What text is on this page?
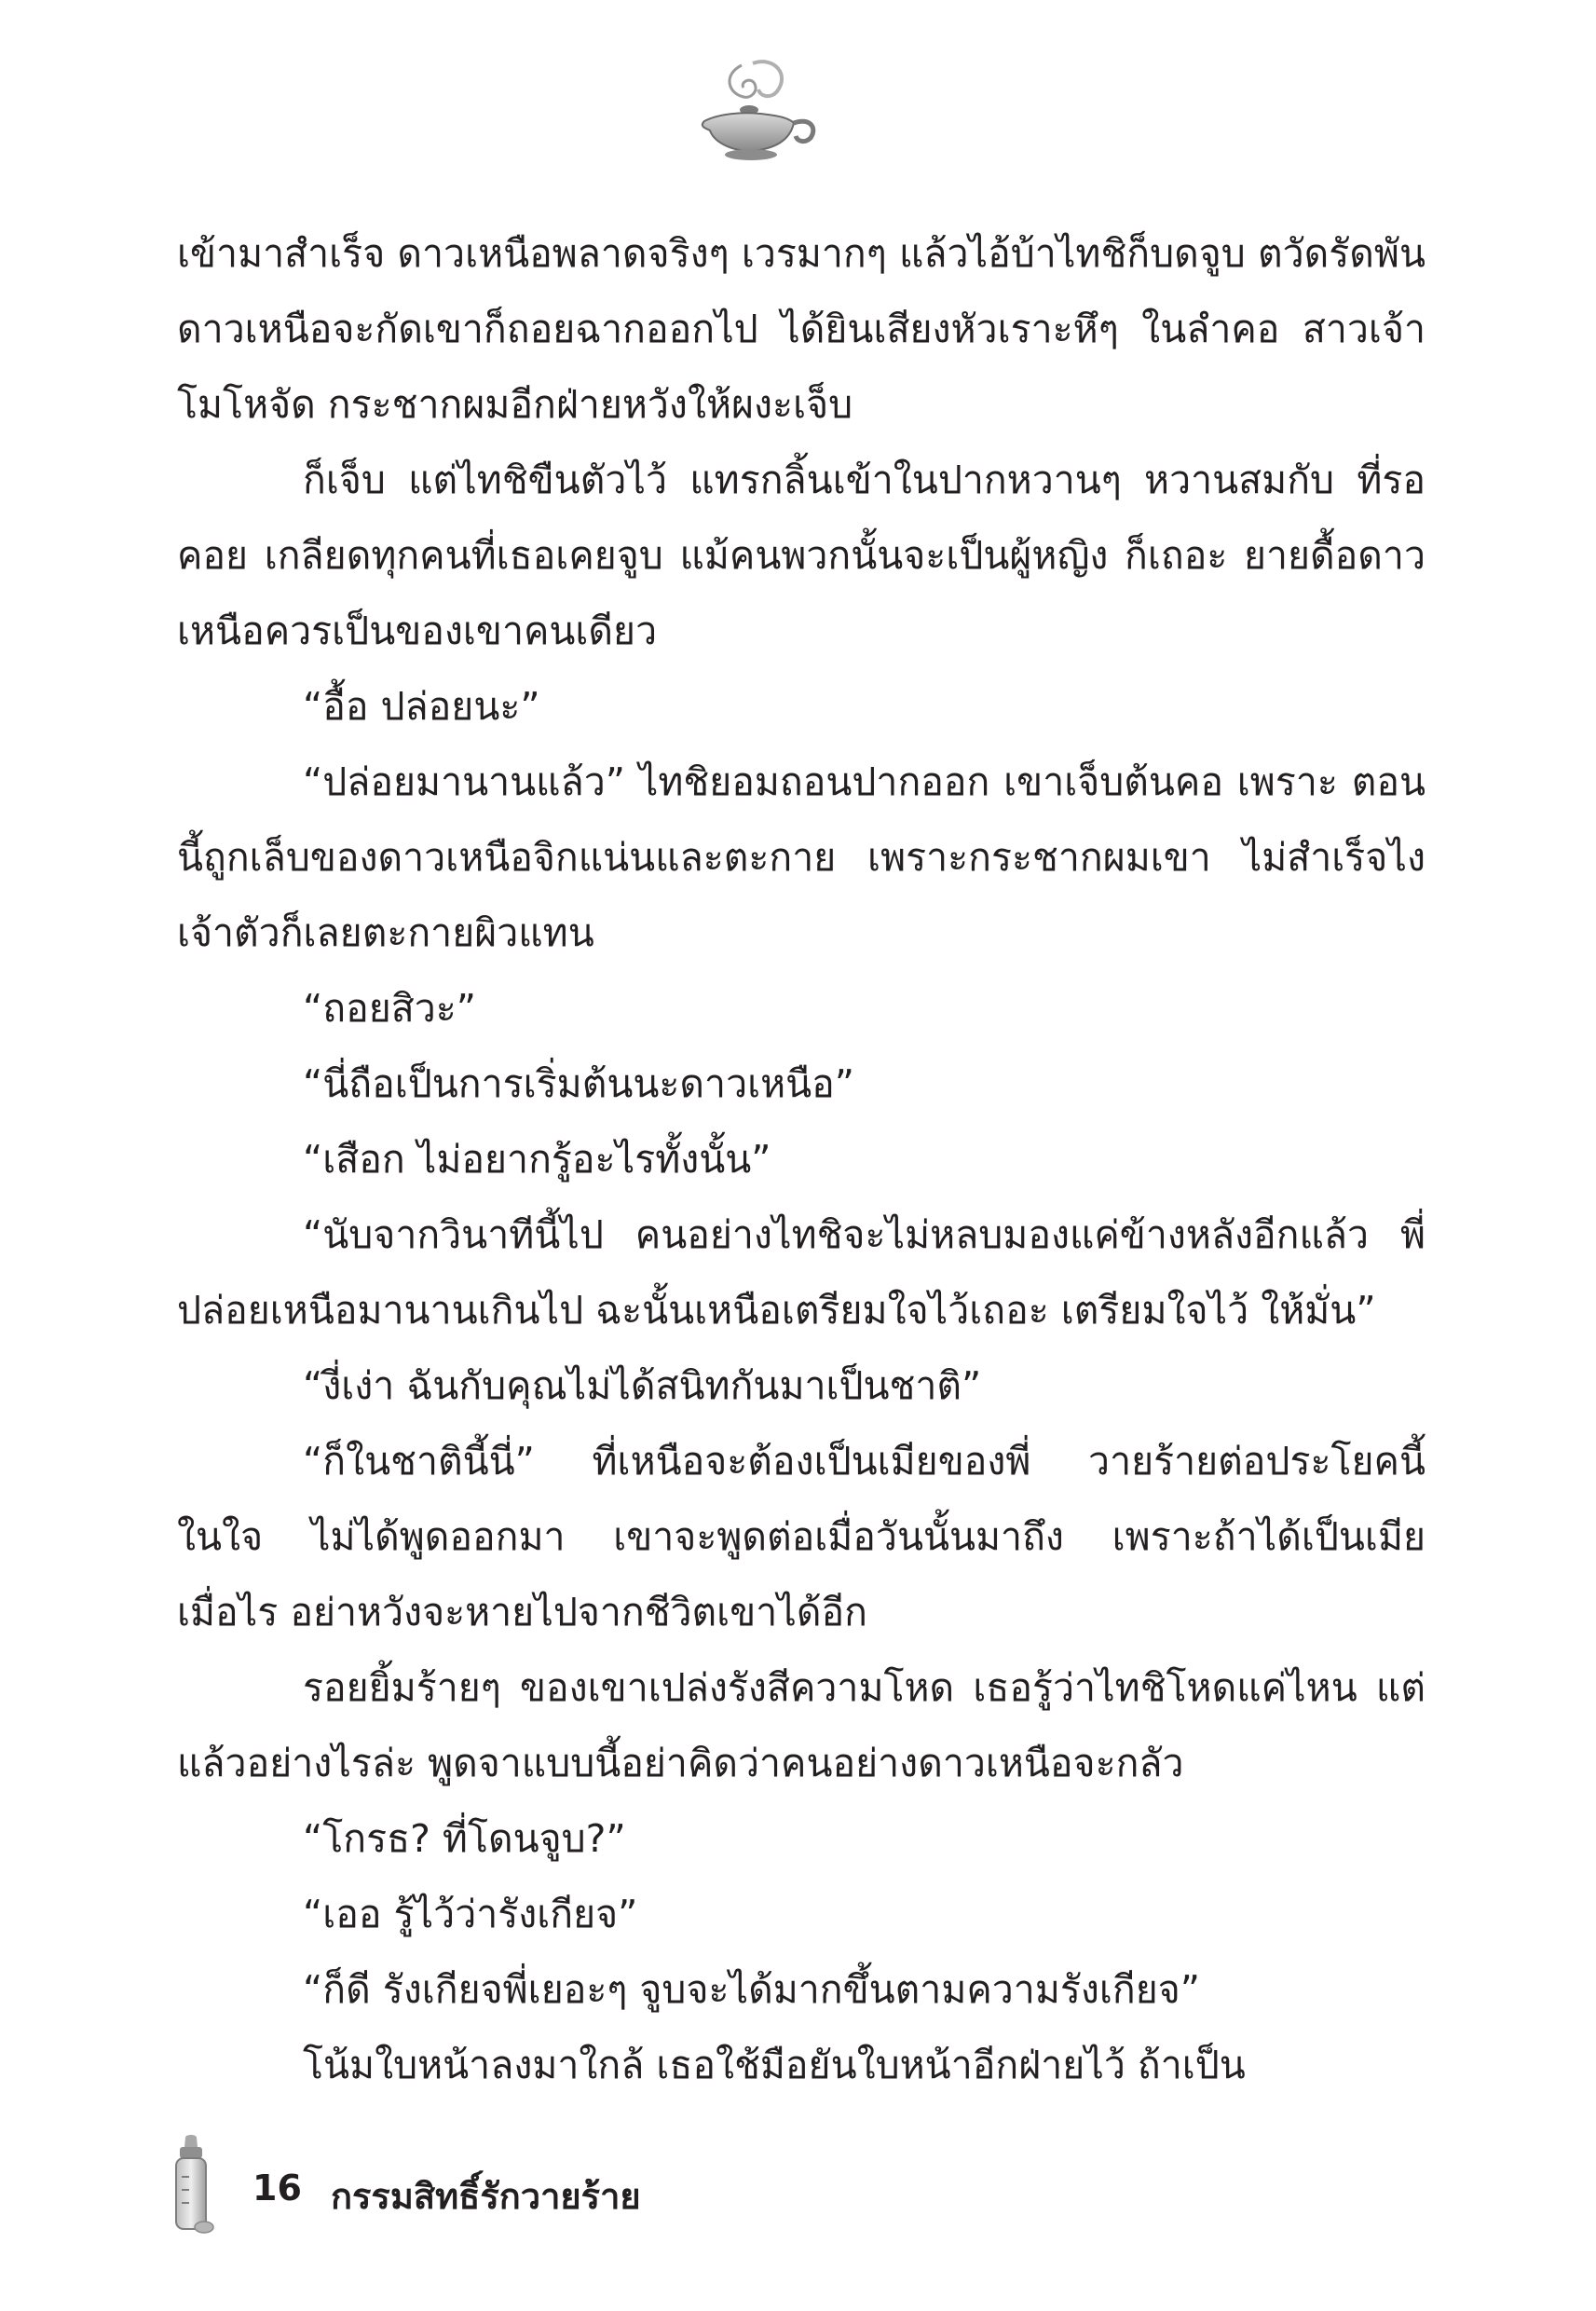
เข้ามาสำเร็จ ดาวเหนือพลาดจริงๆ เวรมากๆ แล้วไอ้บ้าไทชิก็บดจูบ ตวัดรัดพัน ดาวเหนือจะกัดเขาก็ถอยฉากออกไป ได้ยินเสียงหัวเราะหึๆ ในลำคอ สาวเจ้าโมโหจัด กระชากผมอีกฝ่ายหวังให้ผงะเจ็บ

ก็เจ็บ แต่ไทชิขืนตัวไว้ แทรกลิ้นเข้าในปากหวานๆ หวานสมกับ ที่รอคอย เกลียดทุกคนที่เธอเคยจูบ แม้คนพวกนั้นจะเป็นผู้หญิง ก็เถอะ ยายดื้อดาวเหนือควรเป็นของเขาคนเดียว

“อื้อ ปล่อยนะ”

“ปล่อยมานานแล้ว” ไทชิยอมถอนปากออก เขาเจ็บต้นคอ เพราะ ตอนนี้ถูกเล็บของดาวเหนือจิกแน่นและตะกาย เพราะกระชากผมเขา ไม่สำเร็จไง เจ้าตัวก็เลยตะกายผิวแทน

“ถอยสิวะ”

“นี่ถือเป็นการเริ่มต้นนะดาวเหนือ”

“เสือก ไม่อยากรู้อะไรทั้งนั้น”

“นับจากวินาทีนี้ไป คนอย่างไทชิจะไม่หลบมองแค่ข้างหลังอีกแล้ว พี่ปล่อยเหนือมานานเกินไป ฉะนั้นเหนือเตรียมใจไว้เถอะ เตรียมใจไว้ ให้มั่น”

“งี่เง่า ฉันกับคุณไม่ได้สนิทกันมาเป็นชาติ”

“ก็ในชาตินี้นี่” ที่เหนือจะต้องเป็นเมียของพี่ วายร้ายต่อประโยคนี้ ในใจ ไม่ได้พูดออกมา เขาจะพูดต่อเมื่อวันนั้นมาถึง เพราะถ้าได้เป็นเมีย เมื่อไร อย่าหวังจะหายไปจากชีวิตเขาได้อีก

รอยยิ้มร้ายๆ ของเขาเปล่งรังสีความโหด เธอรู้ว่าไทชิโหดแค่ไหน แต่แล้วอย่างไรล่ะ พูดจาแบบนี้อย่าคิดว่าคนอย่างดาวเหนือจะกลัว

“โกรธ? ที่โดนจูบ?”

“เออ รู้ไว้ว่ารังเกียจ”

“ก็ดี รังเกียจพี่เยอะๆ จูบจะได้มากขึ้นตามความรังเกียจ”

โน้มใบหน้าลงมาใกล้ เธอใช้มือยันใบหน้าอีกฝ่ายไว้ ถ้าเป็น

16 กรรมสิทธิ์รักวายร้าย
